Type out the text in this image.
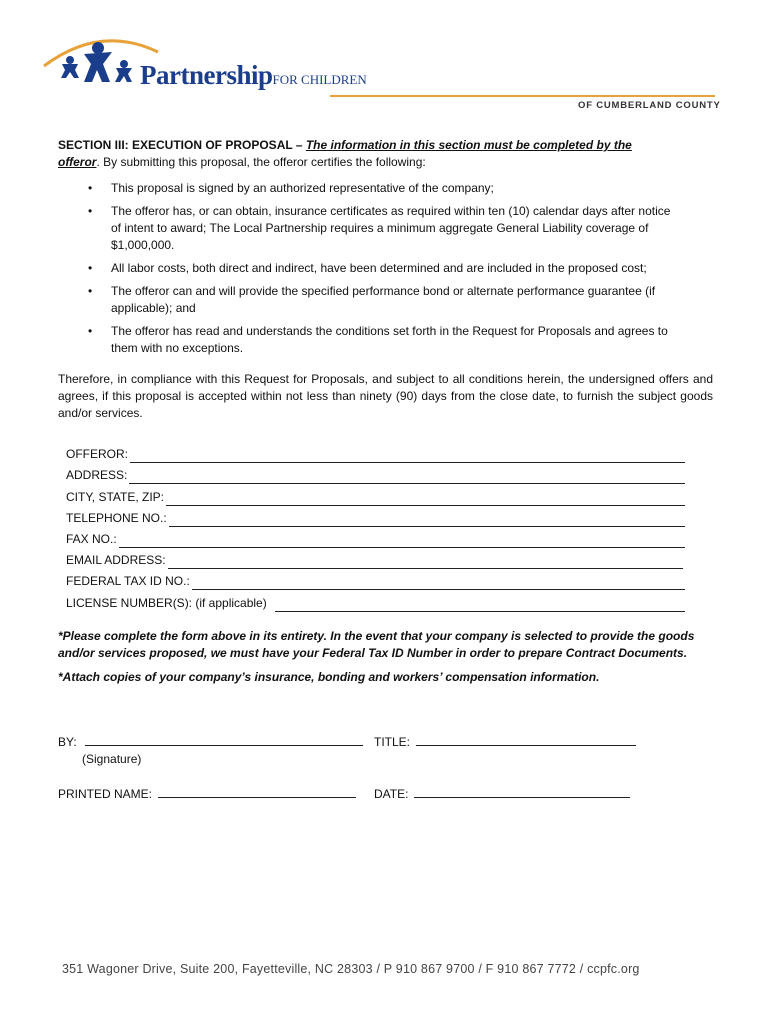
PartnershipFOR CHILDREN
OF CUMBERLAND COUNTY
SECTION III: EXECUTION OF PROPOSAL – The information in this section must be completed by the
offeror. By submitting this proposal, the offeror certifies the following:
• This proposal is signed by an authorized representative of the company;
• The offeror has, or can obtain, insurance certificates as required within ten (10) calendar days after notice of intent to award; The Local Partnership requires a minimum aggregate General Liability coverage of $1,000,000.
• All labor costs, both direct and indirect, have been determined and are included in the proposed cost;
• The offeror can and will provide the specified performance bond or alternate performance guarantee (if applicable); and
• The offeror has read and understands the conditions set forth in the Request for Proposals and agrees to them with no exceptions.

Therefore, in compliance with this Request for Proposals, and subject to all conditions herein, the undersigned offers and agrees, if this proposal is accepted within not less than ninety (90) days from the close date, to furnish the subject goods and/or services.

OFFEROR:
ADDRESS:
CITY, STATE, ZIP:
TELEPHONE NO.:
FAX NO.:
EMAIL ADDRESS:
FEDERAL TAX ID NO.:
LICENSE NUMBER(S): (if applicable)

*Please complete the form above in its entirety. In the event that your company is selected to provide the goods and/or services proposed, we must have your Federal Tax ID Number in order to prepare Contract Documents.

*Attach copies of your company’s insurance, bonding and workers’ compensation information.

BY:
(Signature)
TITLE:
PRINTED NAME:	DATE:
351 Wagoner Drive, Suite 200, Fayetteville, NC 28303 / P 910 867 9700 / F 910 867 7772 / ccpfc.org
